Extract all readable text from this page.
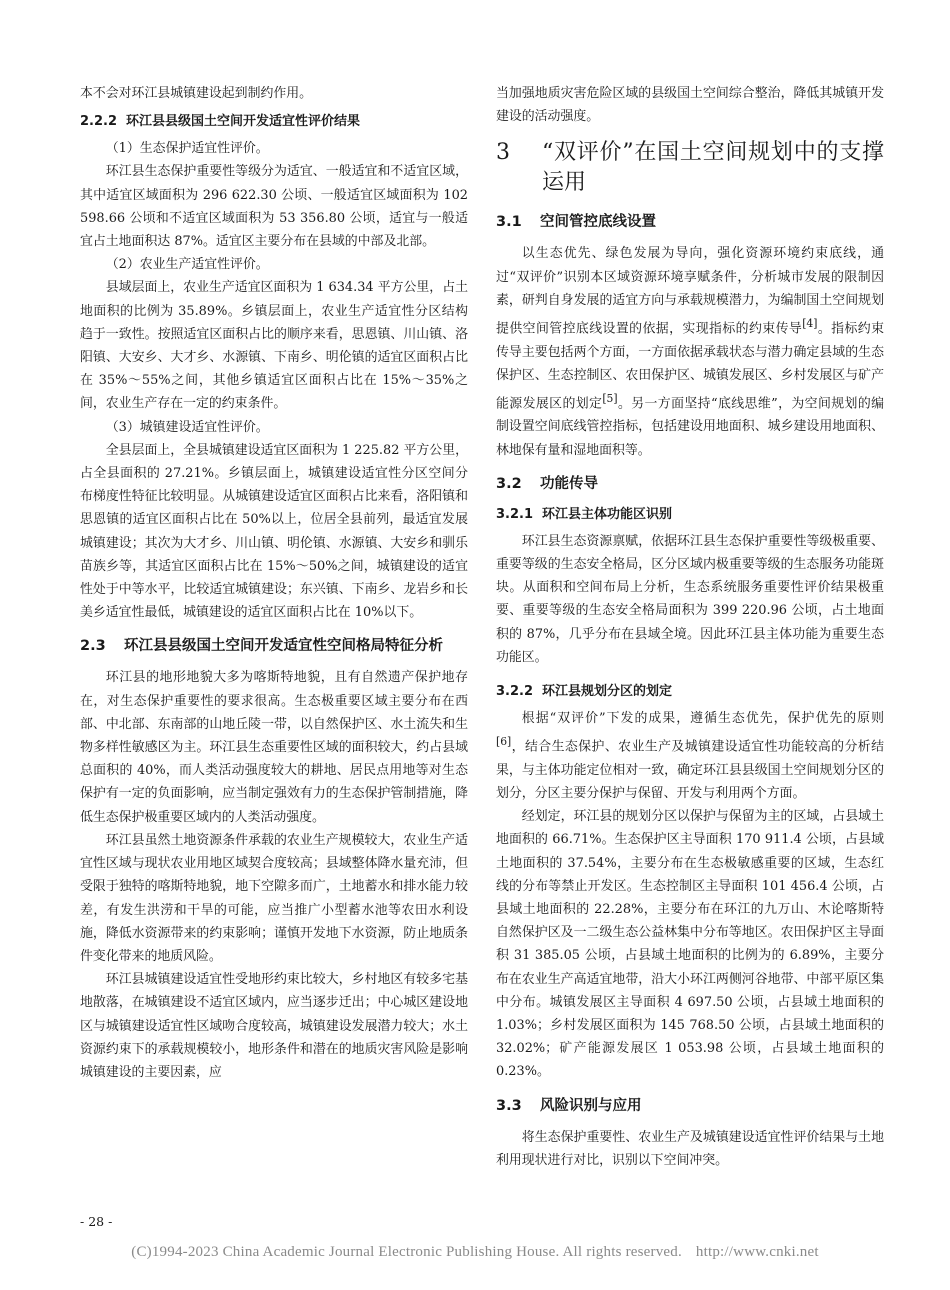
本不会对环江县城镇建设起到制约作用。

2.2.2 环江县县级国土空间开发适宜性评价结果

（1）生态保护适宜性评价。

环江县生态保护重要性等级分为适宜、一般适宜和不适宜区域，其中适宜区域面积为 296 622.30 公顷、一般适宜区域面积为 102 598.66 公顷和不适宜区域面积为 53 356.80 公顷，适宜与一般适宜占土地面积达 87%。适宜区主要分布在县域的中部及北部。

（2）农业生产适宜性评价。

县域层面上，农业生产适宜区面积为 1 634.34 平方公里，占土地面积的比例为 35.89%。乡镇层面上，农业生产适宜性分区结构趋于一致性。按照适宜区面积占比的顺序来看，思恩镇、川山镇、洛阳镇、大安乡、大才乡、水源镇、下南乡、明伦镇的适宜区面积占比在 35%～55%之间，其他乡镇适宜区面积占比在 15%～35%之间，农业生产存在一定的约束条件。

（3）城镇建设适宜性评价。

全县层面上，全县城镇建设适宜区面积为 1 225.82 平方公里，占全县面积的 27.21%。乡镇层面上，城镇建设适宜性分区空间分布梯度性特征比较明显。从城镇建设适宜区面积占比来看，洛阳镇和思恩镇的适宜区面积占比在 50%以上，位居全县前列，最适宜发展城镇建设；其次为大才乡、川山镇、明伦镇、水源镇、大安乡和驯乐苗族乡等，其适宜区面积占比在 15%～50%之间，城镇建设的适宜性处于中等水平，比较适宜城镇建设；东兴镇、下南乡、龙岩乡和长美乡适宜性最低，城镇建设的适宜区面积占比在 10%以下。

2.3 环江县县级国土空间开发适宜性空间格局特征分析

环江县的地形地貌大多为喀斯特地貌，且有自然遗产保护地存在，对生态保护重要性的要求很高。生态极重要区域主要分布在西部、中北部、东南部的山地丘陵一带，以自然保护区、水土流失和生物多样性敏感区为主。环江县生态重要性区域的面积较大，约占县域总面积的 40%，而人类活动强度较大的耕地、居民点用地等对生态保护有一定的负面影响，应当制定强效有力的生态保护管制措施，降低生态保护极重要区域内的人类活动强度。

环江县虽然土地资源条件承载的农业生产规模较大，农业生产适宜性区域与现状农业用地区域契合度较高；县域整体降水量充沛，但受限于独特的喀斯特地貌，地下空隙多而广，土地蓄水和排水能力较差，有发生洪涝和干旱的可能，应当推广小型蓄水池等农田水利设施，降低水资源带来的约束影响；谨慎开发地下水资源，防止地质条件变化带来的地质风险。

环江县城镇建设适宜性受地形约束比较大，乡村地区有较多宅基地散落，在城镇建设不适宜区域内，应当逐步迁出；中心城区建设地区与城镇建设适宜性区域吻合度较高，城镇建设发展潜力较大；水土资源约束下的承载规模较小，地形条件和潜在的地质灾害风险是影响城镇建设的主要因素，应

当加强地质灾害危险区域的县级国土空间综合整治，降低其城镇开发建设的活动强度。

3 “双评价”在国土空间规划中的支撑运用
3.1 空间管控底线设置

以生态优先、绿色发展为导向，强化资源环境约束底线，通过“双评价”识别本区域资源环境享赋条件，分析城市发展的限制因素，研判自身发展的适宜方向与承载规模潜力，为编制国土空间规划提供空间管控底线设置的依据，实现指标的约束传导[4]。指标约束传导主要包括两个方面，一方面依据承载状态与潜力确定县域的生态保护区、生态控制区、农田保护区、城镇发展区、乡村发展区与矿产能源发展区的划定[5]。另一方面坚持“底线思维”，为空间规划的编制设置空间底线管控指标，包括建设用地面积、城乡建设用地面积、林地保有量和湿地面积等。

3.2 功能传导
3.2.1 环江县主体功能区识别

环江县生态资源禀赋，依据环江县生态保护重要性等级极重要、重要等级的生态安全格局，区分区域内极重要等级的生态服务功能斑块。从面积和空间布局上分析，生态系统服务重要性评价结果极重要、重要等级的生态安全格局面积为 399 220.96 公顷，占土地面积的 87%，几乎分布在县域全境。因此环江县主体功能为重要生态功能区。

3.2.2 环江县规划分区的划定

根据“双评价”下发的成果，遵循生态优先，保护优先的原则[6]，结合生态保护、农业生产及城镇建设适宜性功能较高的分析结果，与主体功能定位相对一致，确定环江县县级国土空间规划分区的划分，分区主要分保护与保留、开发与利用两个方面。

经划定，环江县的规划分区以保护与保留为主的区域，占县域土地面积的 66.71%。生态保护区主导面积 170 911.4 公顷，占县域土地面积的 37.54%，主要分布在生态极敏感重要的区域，生态红线的分布等禁止开发区。生态控制区主导面积 101 456.4 公顷，占县域土地面积的 22.28%，主要分布在环江的九万山、木论喀斯特自然保护区及一二级生态公益林集中分布等地区。农田保护区主导面积 31 385.05 公顷，占县域土地面积的比例为的 6.89%，主要分布在农业生产高适宜地带，沿大小环江两侧河谷地带、中部平原区集中分布。城镇发展区主导面积 4 697.50 公顷，占县域土地面积的 1.03%；乡村发展区面积为 145 768.50 公顷，占县域土地面积的 32.02%；矿产能源发展区 1 053.98 公顷，占县域土地面积的 0.23%。

3.3 风险识别与应用

将生态保护重要性、农业生产及城镇建设适宜性评价结果与土地利用现状进行对比，识别以下空间冲突。

- 28 -
(C)1994-2023 China Academic Journal Electronic Publishing House. All rights reserved. http://www.cnki.net
